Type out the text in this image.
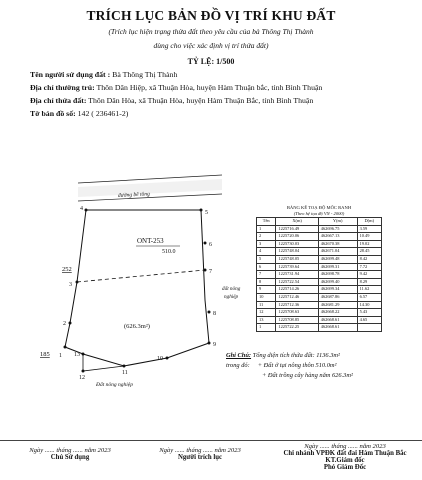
TRÍCH LỤC BẢN ĐỒ VỊ TRÍ KHU ĐẤT
(Trích lục hiện trạng thửa đất theo yêu cầu của bà Thông Thị Thành
dùng cho việc xác định vị trí thửa đất)
TỶ LỆ: 1/500
Tên người sử dụng đất : Bà Thông Thị Thành
Địa chỉ thường trú: Thôn Dân Hiệp, xã Thuận Hòa, huyện Hàm Thuận bắc, tỉnh Bình Thuận
Địa chỉ thửa đất: Thôn Dân Hòa, xã Thuận Hòa, huyện Hàm Thuận Bắc, tỉnh Bình Thuận
Tờ bản đồ số: 142 ( 236461-2)
đường bê tông
ONT-253
510.0
(626.3m²)
252
185
đất nông
nghiệp
Đất nông nghiệp
1
2
3
4
5
6
7
8
9
10
11
12
13
BẢNG KÊ TOẠ ĐỘ MỐC RANH
(Theo hệ tọa độ VN - 2000)
Tên	X(m)	Y(m)	D(m)
1	1225716.49	462696.75	3.59
2	1225720.06	462667.13	10.49
3	1225730.03	462670.38	19.02
4	1225748.04	462671.04	28.45
5	1225748.05	462699.48	8.42
6	1225739.64	462699.31	7.72
7	1225731.94	462698.78	9.42
8	1225722.54	462699.40	8.29
9	1225714.26	462699.34	11.62
10	1225712.46	462687.86	6.57
11	1225712.36	462681.29	14.30
12	1225708.63	462668.22	5.43
13	1225708.85	462668.61	4.65
1	1225722.25	462668.61	
Ghi Chú: Tổng diện tích thửa đất: 1136.3m²
trong đó: + Đất ở tại nông thôn 510.0m²
+ Đất trồng cây hàng năm 626.3m²
Ngày ...... tháng ...... năm 2023
Chủ Sử dụng
Ngày ...... tháng ...... năm 2023
Người trích lục
Ngày ...... tháng ...... năm 2023
Chi nhánh VPĐK đất đai Hàm Thuận Bắc
KT.Giám đốc
Phó Giám Đốc
